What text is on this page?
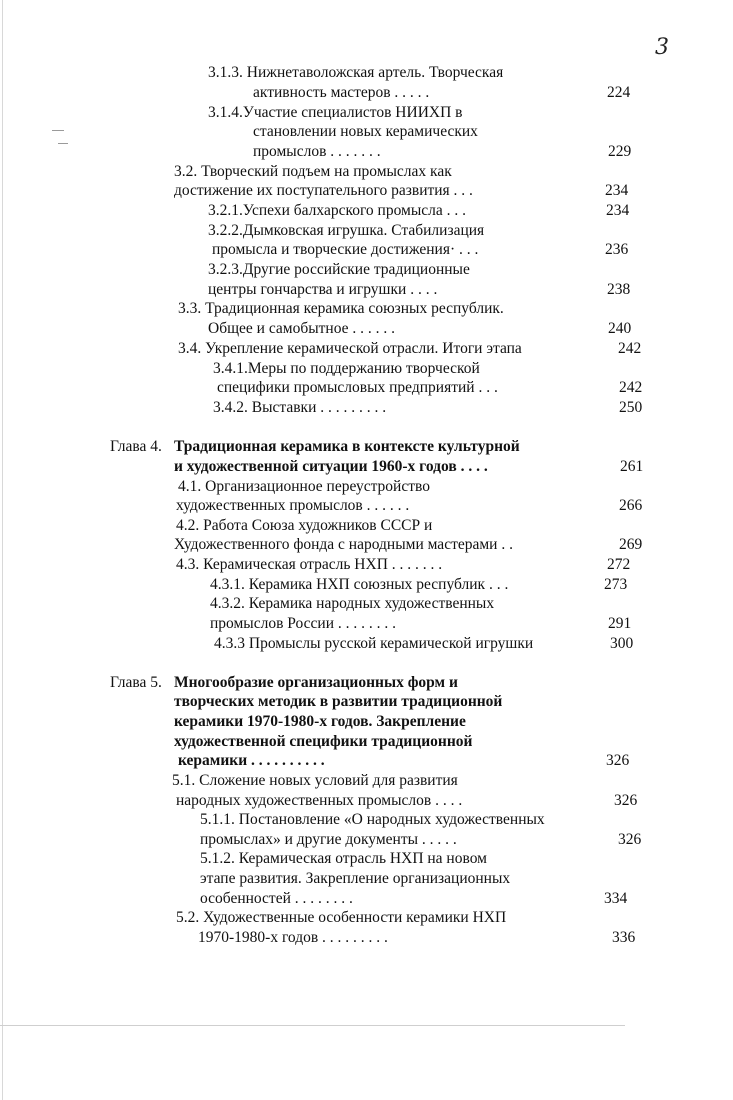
3
3.1.3. Нижнетаволожская артель. Творческая
активность мастеров . . . . .	224
3.1.4.Участие специалистов НИИХП в
становлении новых керамических
промыслов . . . . . . .	229
3.2. Творческий подъем на промыслах как
достижение их поступательного развития . . .	234
3.2.1.Успехи балхарского промысла . . .	234
3.2.2.Дымковская игрушка. Стабилизация
промысла и творческие достижения· . . .	236
3.2.3.Другие российские традиционные
центры гончарства и игрушки . . . .	238
3.3. Традиционная керамика союзных республик.
Общее и самобытное . . . . . .	240
3.4. Укрепление керамической отрасли. Итоги этапа	242
3.4.1.Меры по поддержанию творческой
специфики промысловых предприятий . . .	242
3.4.2. Выставки . . . . . . . . .	250
Глава 4. Традиционная керамика в контексте культурной
и художественной ситуации 1960-х годов . . . .	261
4.1. Организационное переустройство
художественных промыслов . . . . . .	266
4.2. Работа Союза художников СССР и
Художественного фонда с народными мастерами . .	269
4.3. Керамическая отрасль НХП . . . . . . .	272
4.3.1. Керамика НХП союзных республик . . .	273
4.3.2. Керамика народных художественных
промыслов России . . . . . . . .	291
4.3.3 Промыслы русской керамической игрушки	300
Глава 5. Многообразие организационных форм и
творческих методик в развитии традиционной
керамики 1970-1980-х годов. Закрепление
художественной специфики традиционной
керамики . . . . . . . . . .	326
5.1. Сложение новых условий для развития
народных художественных промыслов . . . .	326
5.1.1. Постановление «О народных художественных
промыслах» и другие документы . . . . .	326
5.1.2. Керамическая отрасль НХП на новом
этапе развития. Закрепление организационных
особенностей . . . . . . . .	334
5.2. Художественные особенности керамики НХП
1970-1980-х годов . . . . . . . . .	336
